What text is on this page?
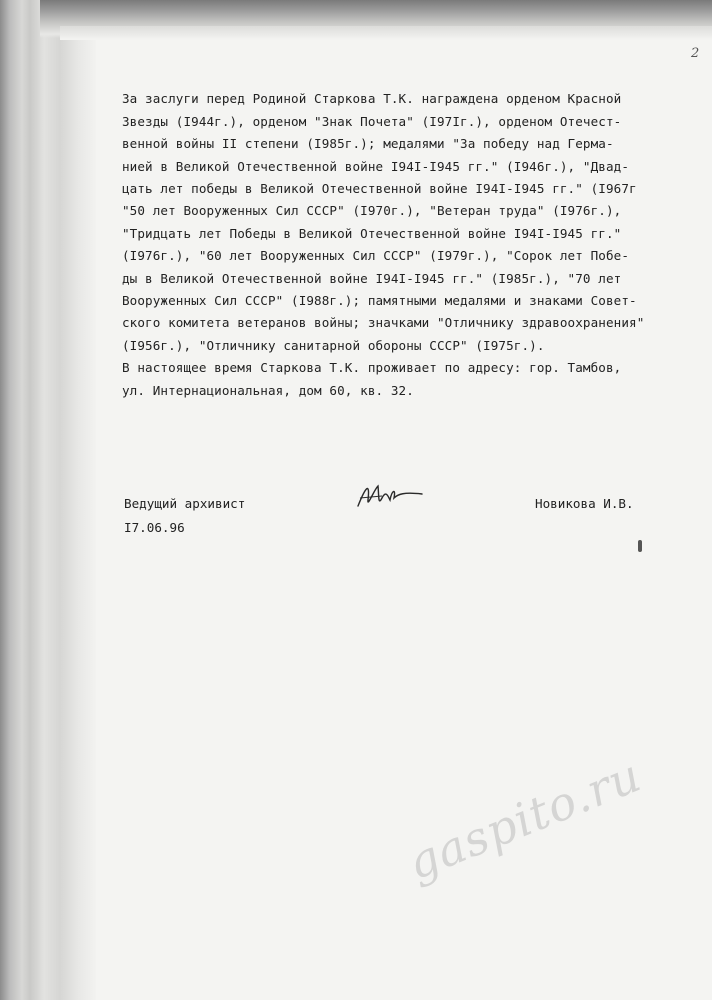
2

За заслуги перед Родиной Старкова Т.К. награждена орденом Красной
Звезды (I944г.), орденом "Знак Почета" (I97Iг.), орденом Отечест-
венной войны II степени (I985г.); медалями "За победу над Герма-
нией в Великой Отечественной войне I94I-I945 гг." (I946г.), "Двад-
цать лет победы в Великой Отечественной войне I94I-I945 гг." (I967г
"50 лет Вооруженных Сил СССР" (I970г.), "Ветеран труда" (I976г.),
"Тридцать лет Победы в Великой Отечественной войне I94I-I945 гг."
(I976г.), "60 лет Вооруженных Сил СССР" (I979г.), "Сорок лет Побе-
ды в Великой Отечественной войне I94I-I945 гг." (I985г.), "70 лет
Вооруженных Сил СССР" (I988г.); памятными медалями и знаками Совет-
ского комитета ветеранов войны; значками "Отличнику здравоохранения"
(I956г.), "Отличнику санитарной обороны СССР" (I975г.).
В настоящее время Старкова Т.К. проживает по адресу: гор. Тамбов,
ул. Интернациональная, дом 60, кв. 32.

Ведущий архивист	Новикова И.В.
I7.06.96
gaspito.ru
